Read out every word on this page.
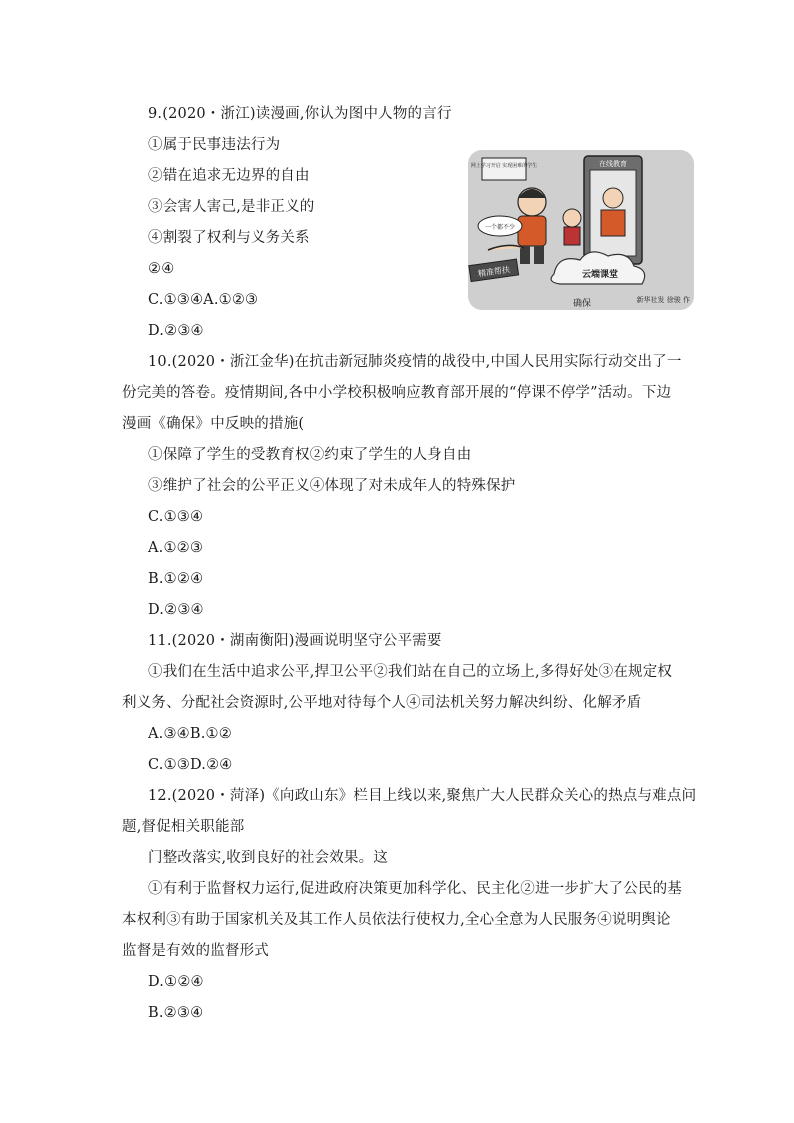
9.(2020・浙江)读漫画,你认为图中人物的言行
①属于民事违法行为
②错在追求无边界的自由
③会害人害己,是非正义的
④割裂了权利与义务关系
②④
C.①③④A.①②③
D.②③④
在线教育
网上学习开启 实现困难的学生
一个都不少
云端课堂
精准帮扶
确保	新华社发 徐骏 作
10.(2020・浙江金华)在抗击新冠肺炎疫情的战役中,中国人民用实际行动交出了一
份完美的答卷。疫情期间,各中小学校积极响应教育部开展的“停课不停学”活动。下边
漫画《确保》中反映的措施(
①保障了学生的受教育权②约束了学生的人身自由
③维护了社会的公平正义④体现了对未成年人的特殊保护
C.①③④
A.①②③
B.①②④
D.②③④
11.(2020・湖南衡阳)漫画说明坚守公平需要
①我们在生活中追求公平,捍卫公平②我们站在自己的立场上,多得好处③在规定权
利义务、分配社会资源时,公平地对待每个人④司法机关努力解决纠纷、化解矛盾
A.③④B.①②
C.①③D.②④
12.(2020・菏泽)《向政山东》栏目上线以来,聚焦广大人民群众关心的热点与难点问
题,督促相关职能部
门整改落实,收到良好的社会效果。这
①有利于监督权力运行,促进政府决策更加科学化、民主化②进一步扩大了公民的基
本权利③有助于国家机关及其工作人员依法行使权力,全心全意为人民服务④说明舆论
监督是有效的监督形式
D.①②④
B.②③④
